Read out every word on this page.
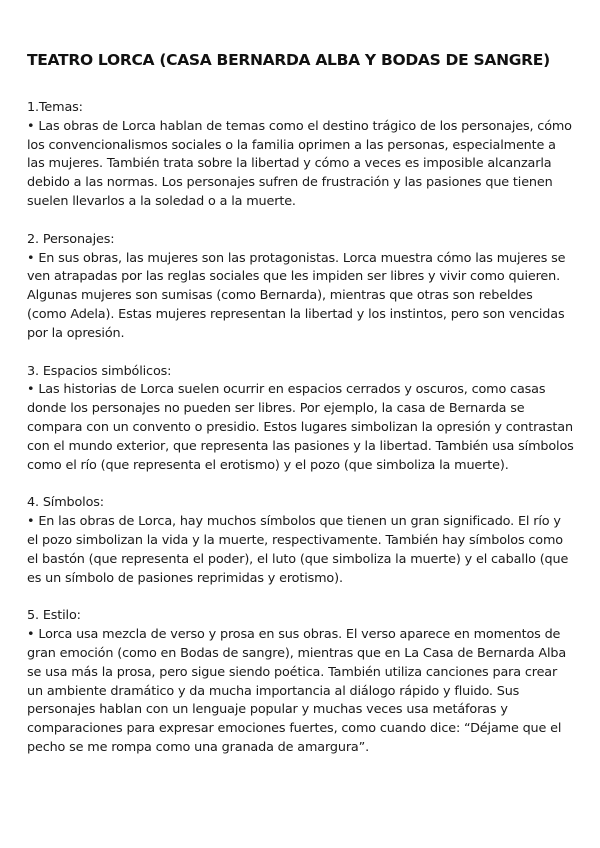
TEATRO LORCA (CASA BERNARDA ALBA Y BODAS DE SANGRE)

1.Temas:

• Las obras de Lorca hablan de temas como el destino trágico de los personajes, cómo los convencionalismos sociales o la familia oprimen a las personas, especialmente a las mujeres. También trata sobre la libertad y cómo a veces es imposible alcanzarla debido a las normas. Los personajes sufren de frustración y las pasiones que tienen suelen llevarlos a la soledad o a la muerte.

2. Personajes:

• En sus obras, las mujeres son las protagonistas. Lorca muestra cómo las mujeres se ven atrapadas por las reglas sociales que les impiden ser libres y vivir como quieren. Algunas mujeres son sumisas (como Bernarda), mientras que otras son rebeldes (como Adela). Estas mujeres representan la libertad y los instintos, pero son vencidas por la opresión.

3. Espacios simbólicos:

• Las historias de Lorca suelen ocurrir en espacios cerrados y oscuros, como casas donde los personajes no pueden ser libres. Por ejemplo, la casa de Bernarda se compara con un convento o presidio. Estos lugares simbolizan la opresión y contrastan con el mundo exterior, que representa las pasiones y la libertad. También usa símbolos como el río (que representa el erotismo) y el pozo (que simboliza la muerte).

4. Símbolos:

• En las obras de Lorca, hay muchos símbolos que tienen un gran significado. El río y el pozo simbolizan la vida y la muerte, respectivamente. También hay símbolos como el bastón (que representa el poder), el luto (que simboliza la muerte) y el caballo (que es un símbolo de pasiones reprimidas y erotismo).

5. Estilo:

• Lorca usa mezcla de verso y prosa en sus obras. El verso aparece en momentos de gran emoción (como en Bodas de sangre), mientras que en La Casa de Bernarda Alba se usa más la prosa, pero sigue siendo poética. También utiliza canciones para crear un ambiente dramático y da mucha importancia al diálogo rápido y fluido. Sus personajes hablan con un lenguaje popular y muchas veces usa metáforas y comparaciones para expresar emociones fuertes, como cuando dice: “Déjame que el pecho se me rompa como una granada de amargura”.
